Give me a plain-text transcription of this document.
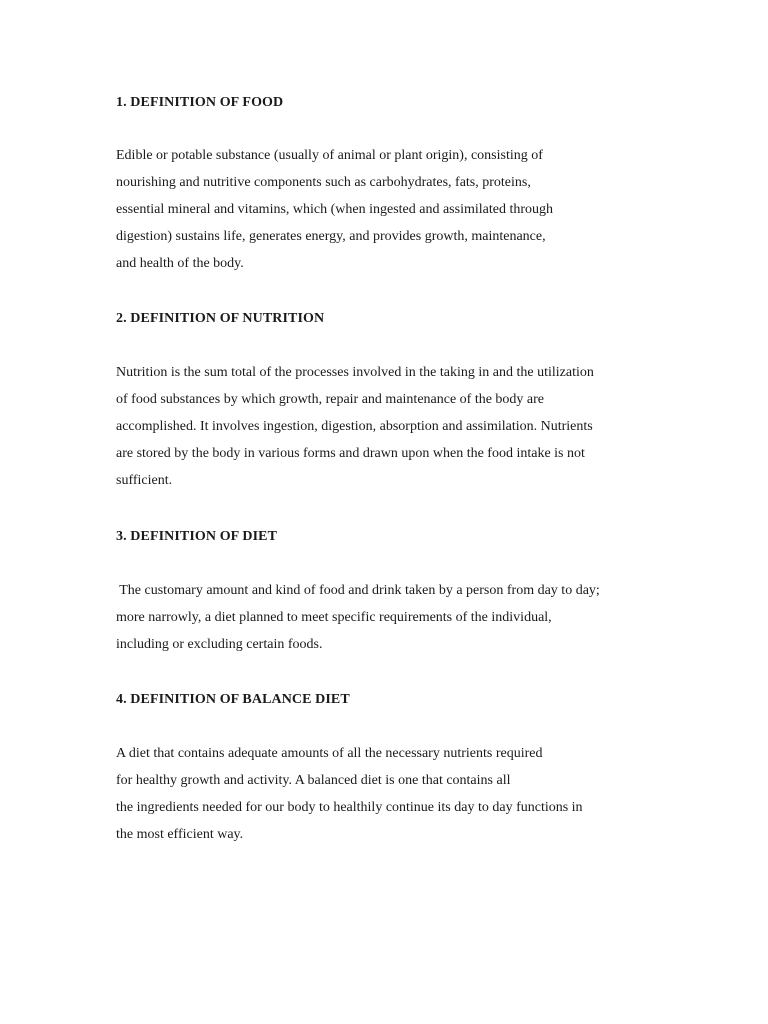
1. DEFINITION OF FOOD

Edible or potable substance (usually of animal or plant origin), consisting of
nourishing and nutritive components such as carbohydrates, fats, proteins,
essential mineral and vitamins, which (when ingested and assimilated through
digestion) sustains life, generates energy, and provides growth, maintenance,
and health of the body.

2. DEFINITION OF NUTRITION

Nutrition is the sum total of the processes involved in the taking in and the utilization
of food substances by which growth, repair and maintenance of the body are
accomplished. It involves ingestion, digestion, absorption and assimilation. Nutrients
are stored by the body in various forms and drawn upon when the food intake is not
sufficient.

3. DEFINITION OF DIET

The customary amount and kind of food and drink taken by a person from day to day;
more narrowly, a diet planned to meet specific requirements of the individual,
including or excluding certain foods.

4. DEFINITION OF BALANCE DIET

A diet that contains adequate amounts of all the necessary nutrients required
for healthy growth and activity. A balanced diet is one that contains all
the ingredients needed for our body to healthily continue its day to day functions in
the most efficient way.
